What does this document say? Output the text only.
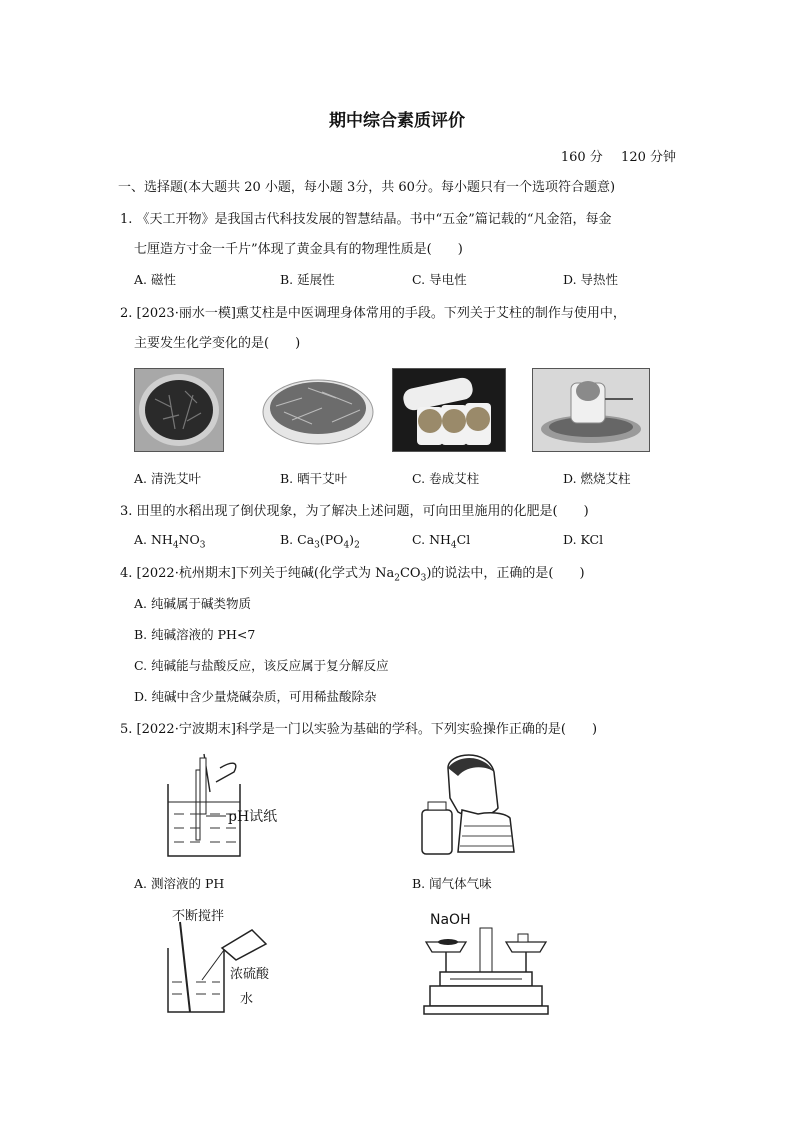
期中综合素质评价
160 分 120 分钟
一、选择题(本大题共 20 小题，每小题 3分，共 60分。每小题只有一个选项符合题意)
1. 《天工开物》是我国古代科技发展的智慧结晶。书中“五金”篇记载的“凡金箔，每金
七厘造方寸金一千片”体现了黄金具有的物理性质是(　　)
A. 磁性	B. 延展性	C. 导电性	D. 导热性
2. [2023·丽水一模]熏艾柱是中医调理身体常用的手段。下列关于艾柱的制作与使用中，
主要发生化学变化的是(　　)
A. 清洗艾叶	B. 晒干艾叶	C. 卷成艾柱	D. 燃烧艾柱
3. 田里的水稻出现了倒伏现象，为了解决上述问题，可向田里施用的化肥是(　　)
A. $NH_4NO_3$	B. $Ca_3(PO_4)_2$	C. $NH_4Cl$	D. KCl
4. [2022·杭州期末]下列关于纯碱(化学式为 $Na_2CO_3$)的说法中，正确的是(　　)
A. 纯碱属于碱类物质
B. 纯碱溶液的 PH<7
C. 纯碱能与盐酸反应，该反应属于复分解反应
D. 纯碱中含少量烧碱杂质，可用稀盐酸除杂
5. [2022·宁波期末]科学是一门以实验为基础的学科。下列实验操作正确的是(　　)
pH试纸
A. 测溶液的 PH	B. 闻气体气味
不断搅拌
浓硫酸
水
NaOH
